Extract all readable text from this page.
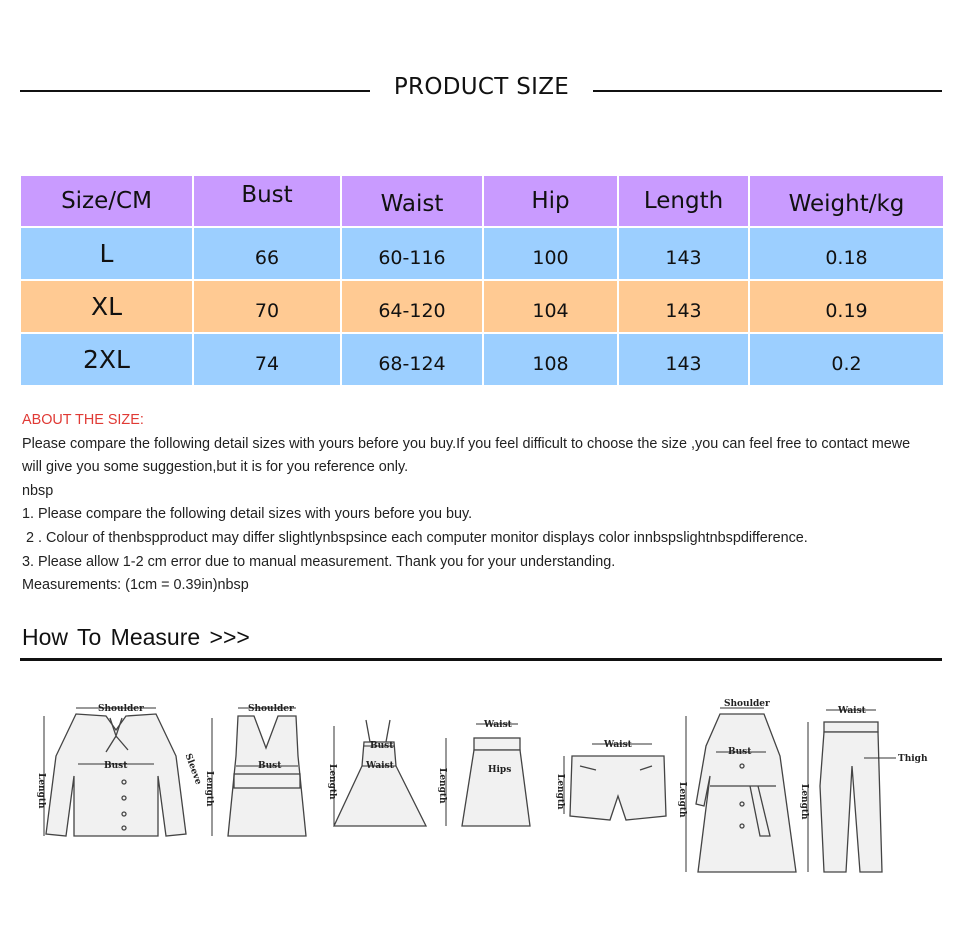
PRODUCT SIZE
Size/CM	Bust	Waist	Hip	Length	Weight/kg
L	66	60-116	100	143	0.18
XL	70	64-120	104	143	0.19
2XL	74	68-124	108	143	0.2

ABOUT THE SIZE:

Please compare the following detail sizes with yours before you buy.If you feel difficult to choose the size ,you can feel free to contact mewe

will give you some suggestion,but it is for you reference only.

nbsp

1. Please compare the following detail sizes with yours before you buy.

2 . Colour of thenbspproduct may differ slightlynbspsince each computer monitor displays color innbspslightnbspdifference.

3. Please allow 1-2 cm error due to manual measurement. Thank you for your understanding.

Measurements: (1cm = 0.39in)nbsp

How To Measure >>>
Shoulder
Length
Bust	Sleeve
Shoulder
Length
Bust	Length
Bust
Waist
Waist
Length	Hips
Waist
Length
Shoulder
Length
Bust
Waist
Length
Thigh
